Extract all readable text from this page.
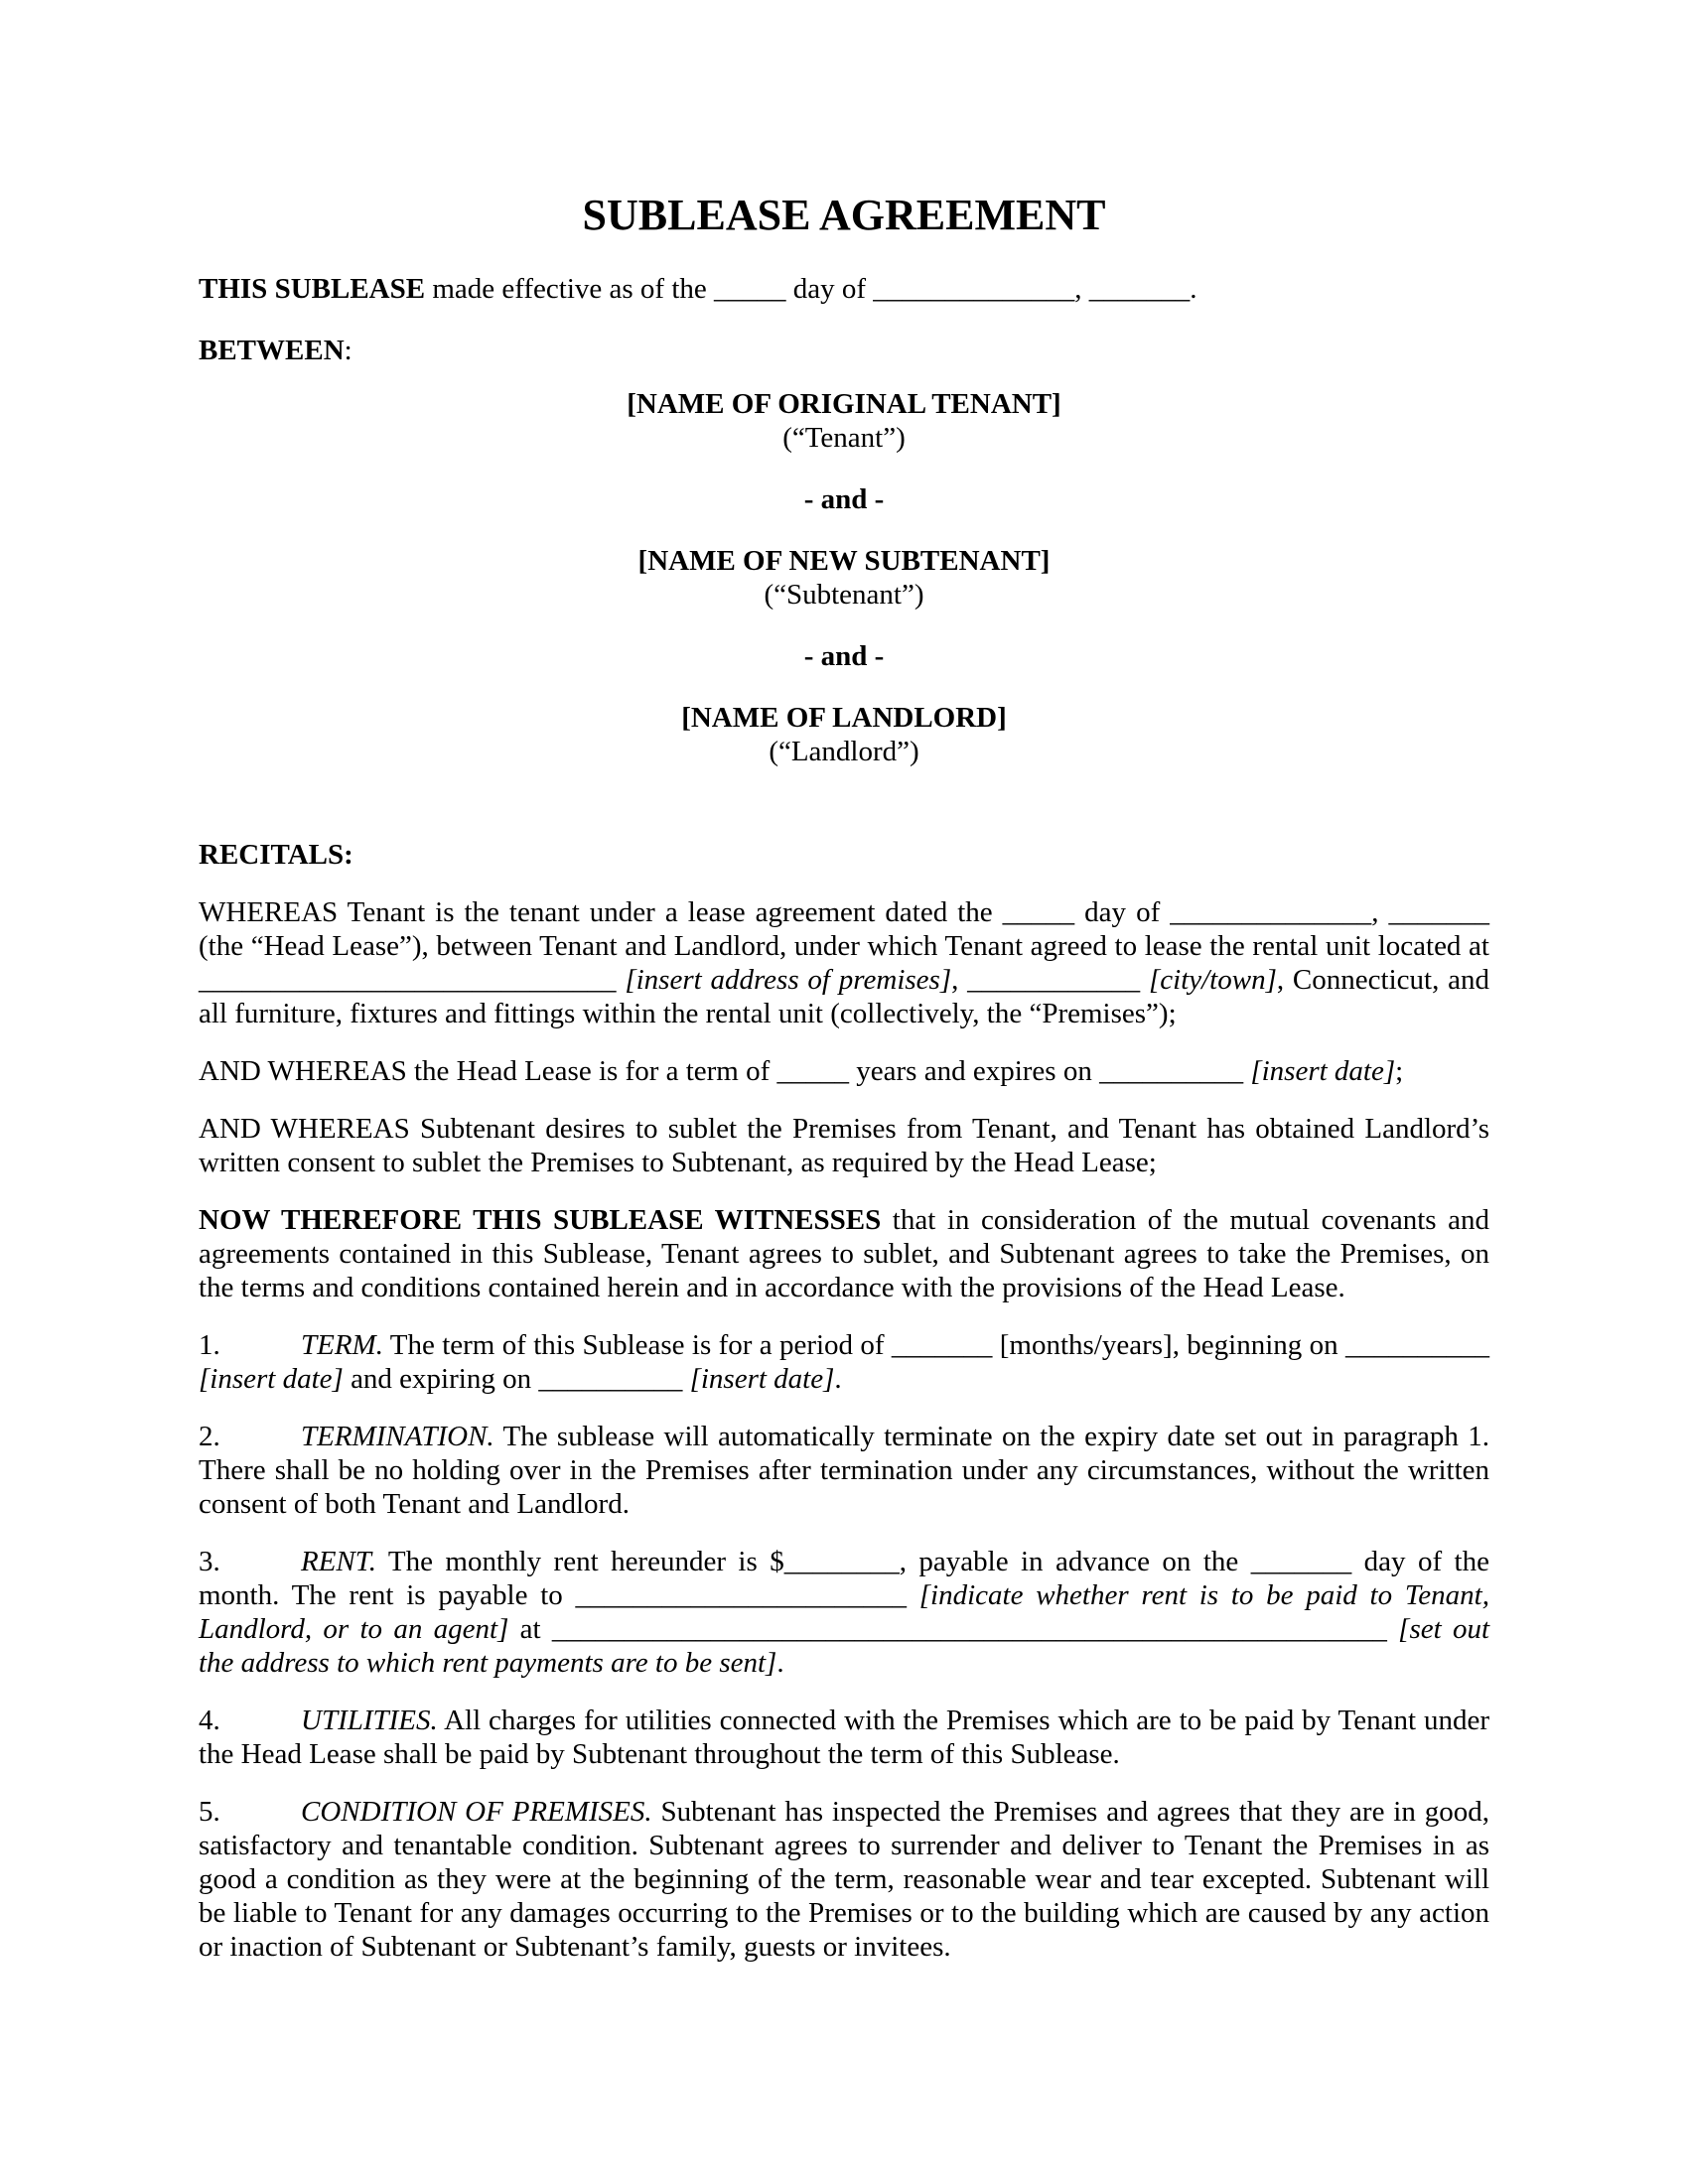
SUBLEASE AGREEMENT

THIS SUBLEASE made effective as of the _____ day of ______________, _______.

BETWEEN:

[NAME OF ORIGINAL TENANT]
(“Tenant”)
- and -
[NAME OF NEW SUBTENANT]
(“Subtenant”)
- and -
[NAME OF LANDLORD]
(“Landlord”)

RECITALS:

WHEREAS Tenant is the tenant under a lease agreement dated the _____ day of ______________, _______ (the “Head Lease”), between Tenant and Landlord, under which Tenant agreed to lease the rental unit located at _____________________________ [insert address of premises], ____________ [city/town], Connecticut, and all furniture, fixtures and fittings within the rental unit (collectively, the “Premises”);

AND WHEREAS the Head Lease is for a term of _____ years and expires on __________ [insert date];

AND WHEREAS Subtenant desires to sublet the Premises from Tenant, and Tenant has obtained Landlord’s written consent to sublet the Premises to Subtenant, as required by the Head Lease;

NOW THEREFORE THIS SUBLEASE WITNESSES that in consideration of the mutual covenants and agreements contained in this Sublease, Tenant agrees to sublet, and Subtenant agrees to take the Premises, on the terms and conditions contained herein and in accordance with the provisions of the Head Lease.

1.	TERM. The term of this Sublease is for a period of _______ [months/years], beginning on __________ [insert date] and expiring on __________ [insert date].

2.	TERMINATION. The sublease will automatically terminate on the expiry date set out in paragraph 1. There shall be no holding over in the Premises after termination under any circumstances, without the written consent of both Tenant and Landlord.

3.	RENT. The monthly rent hereunder is $________, payable in advance on the _______ day of the month. The rent is payable to _______________________ [indicate whether rent is to be paid to Tenant, Landlord, or to an agent] at __________________________________________________________ [set out the address to which rent payments are to be sent].

4.	UTILITIES. All charges for utilities connected with the Premises which are to be paid by Tenant under the Head Lease shall be paid by Subtenant throughout the term of this Sublease.

5.	CONDITION OF PREMISES. Subtenant has inspected the Premises and agrees that they are in good, satisfactory and tenantable condition. Subtenant agrees to surrender and deliver to Tenant the Premises in as good a condition as they were at the beginning of the term, reasonable wear and tear excepted. Subtenant will be liable to Tenant for any damages occurring to the Premises or to the building which are caused by any action or inaction of Subtenant or Subtenant’s family, guests or invitees.
